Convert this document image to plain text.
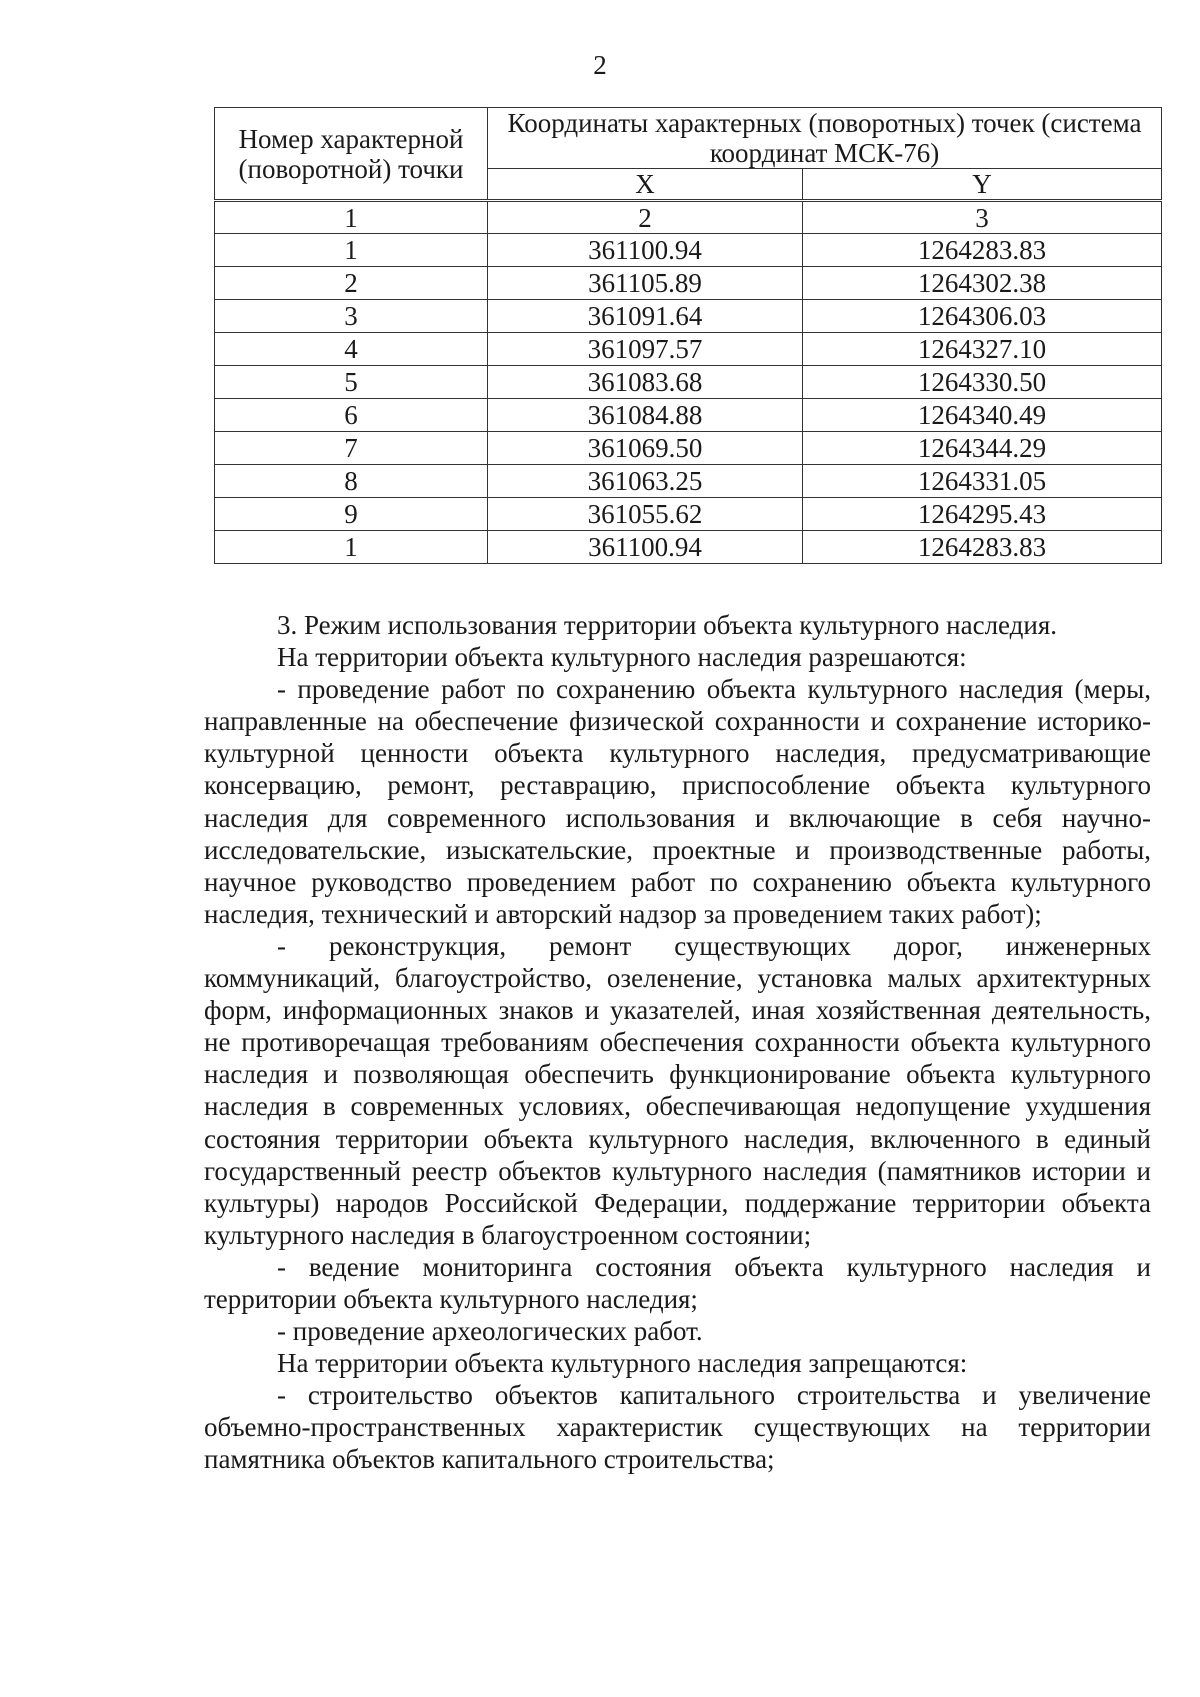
2
Номер характерной (поворотной) точки	Координаты характерных (поворотных) точек (система координат МСК-76)	
	X	Y
1	2	3
1	361100.94	1264283.83
2	361105.89	1264302.38
3	361091.64	1264306.03
4	361097.57	1264327.10
5	361083.68	1264330.50
6	361084.88	1264340.49
7	361069.50	1264344.29
8	361063.25	1264331.05
9	361055.62	1264295.43
1	361100.94	1264283.83

3. Режим использования территории объекта культурного наследия.

На территории объекта культурного наследия разрешаются:

- проведение работ по сохранению объекта культурного наследия (меры, направленные на обеспечение физической сохранности и сохранение историко-культурной ценности объекта культурного наследия, предусматривающие консервацию, ремонт, реставрацию, приспособление объекта культурного наследия для современного использования и включающие в себя научно-исследовательские, изыскательские, проектные и производственные работы, научное руководство проведением работ по сохранению объекта культурного наследия, технический и авторский надзор за проведением таких работ);

- реконструкция, ремонт существующих дорог, инженерных коммуникаций, благоустройство, озеленение, установка малых архитектурных форм, информационных знаков и указателей, иная хозяйственная деятельность, не противоречащая требованиям обеспечения сохранности объекта культурного наследия и позволяющая обеспечить функционирование объекта культурного наследия в современных условиях, обеспечивающая недопущение ухудшения состояния территории объекта культурного наследия, включенного в единый государственный реестр объектов культурного наследия (памятников истории и культуры) народов Российской Федерации, поддержание территории объекта культурного наследия в благоустроенном состоянии;

- ведение мониторинга состояния объекта культурного наследия и территории объекта культурного наследия;

- проведение археологических работ.

На территории объекта культурного наследия запрещаются:

- строительство объектов капитального строительства и увеличение объемно-пространственных характеристик существующих на территории памятника объектов капитального строительства;
